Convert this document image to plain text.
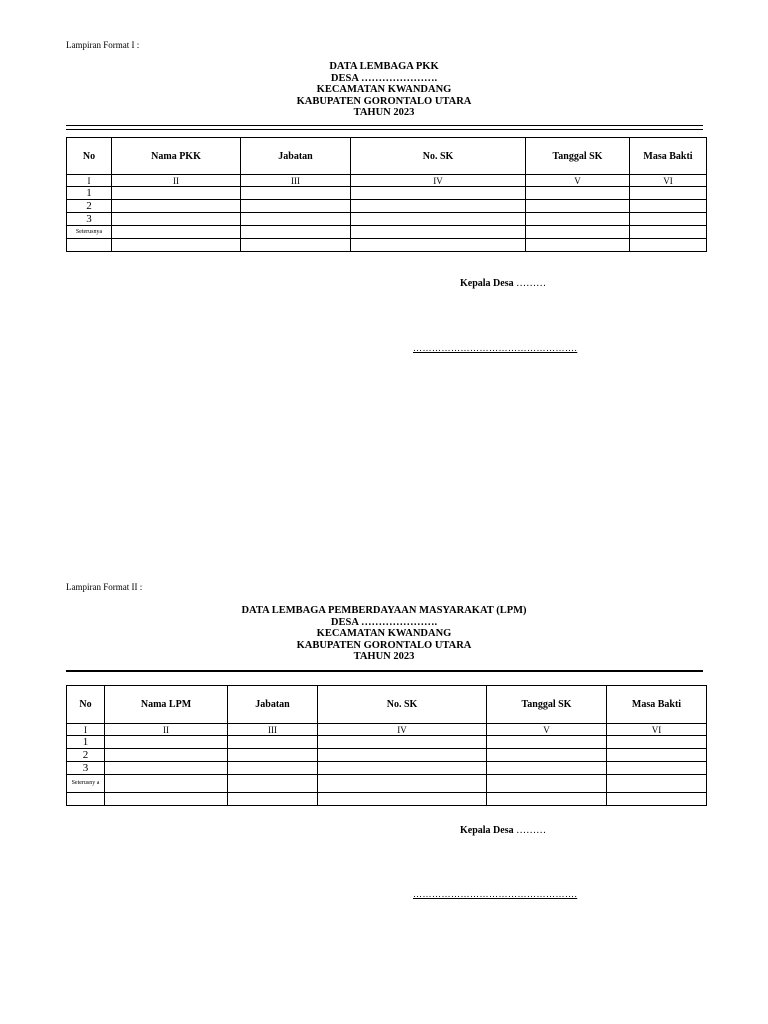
Lampiran Format I :
DATA LEMBAGA PKK
DESA ………………….
KECAMATAN KWANDANG
KABUPATEN GORONTALO UTARA
TAHUN 2023
No	Nama PKK	Jabatan	No. SK	Tanggal SK	Masa Bakti
I	II	III	IV	V	VI
1					
2					
3					
Seterusnya					

Kepala Desa ………
…………………………………………….
Lampiran Format II :
DATA LEMBAGA PEMBERDAYAAN MASYARAKAT (LPM)
DESA ………………….
KECAMATAN KWANDANG
KABUPATEN GORONTALO UTARA
TAHUN 2023
No	Nama LPM	Jabatan	No. SK	Tanggal SK	Masa Bakti
I	II	III	IV	V	VI
1					
2					
3					
Seterusny a					

Kepala Desa ………
…………………………………………….
